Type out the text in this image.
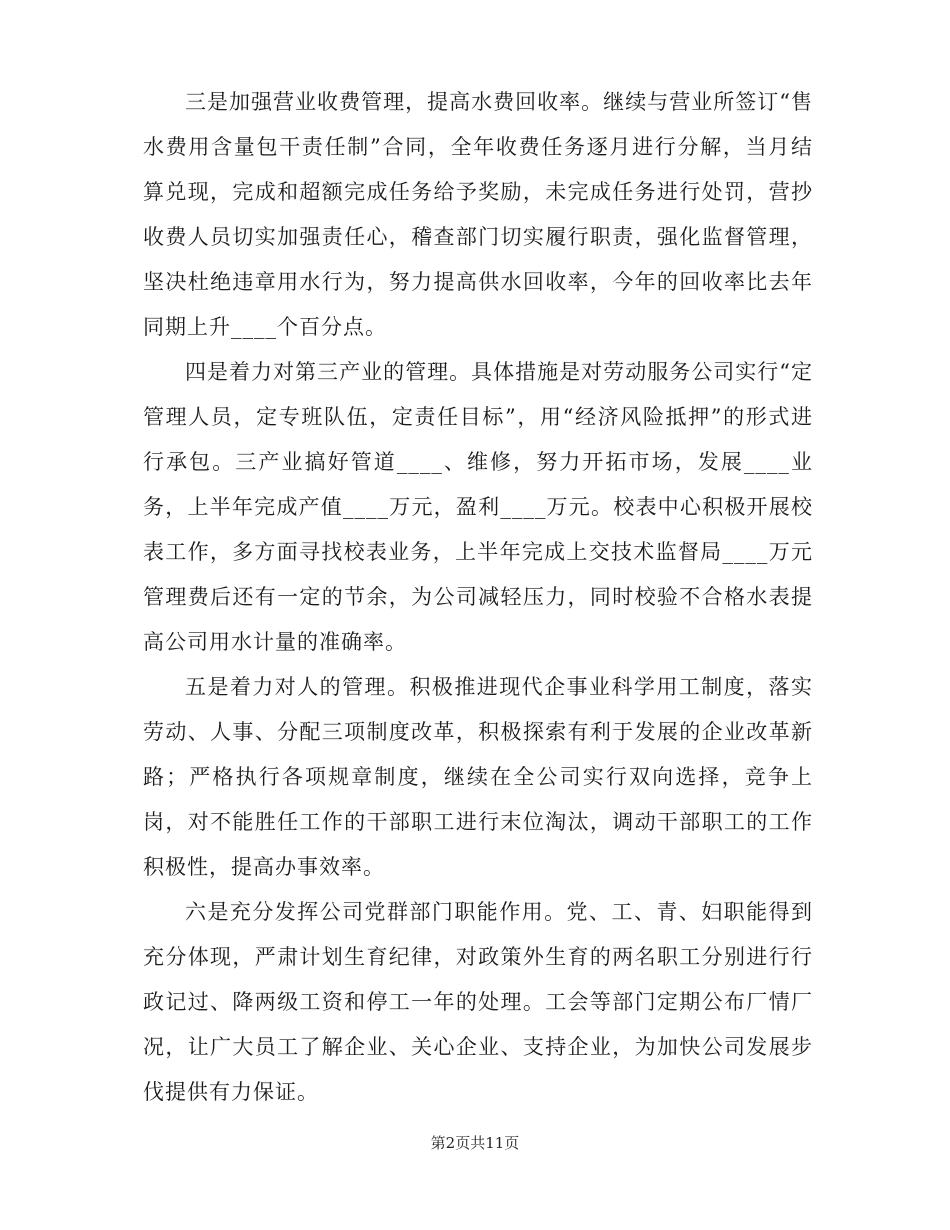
三是加强营业收费管理，提高水费回收率。继续与营业所签订“售水费用含量包干责任制”合同，全年收费任务逐月进行分解，当月结算兑现，完成和超额完成任务给予奖励，未完成任务进行处罚，营抄收费人员切实加强责任心，稽查部门切实履行职责，强化监督管理，坚决杜绝违章用水行为，努力提高供水回收率，今年的回收率比去年同期上升____个百分点。

四是着力对第三产业的管理。具体措施是对劳动服务公司实行“定管理人员，定专班队伍，定责任目标”，用“经济风险抵押”的形式进行承包。三产业搞好管道____、维修，努力开拓市场，发展____业务，上半年完成产值____万元，盈利____万元。校表中心积极开展校表工作，多方面寻找校表业务，上半年完成上交技术监督局____万元管理费后还有一定的节余，为公司减轻压力，同时校验不合格水表提高公司用水计量的准确率。

五是着力对人的管理。积极推进现代企事业科学用工制度，落实劳动、人事、分配三项制度改革，积极探索有利于发展的企业改革新路；严格执行各项规章制度，继续在全公司实行双向选择，竞争上岗，对不能胜任工作的干部职工进行末位淘汰，调动干部职工的工作积极性，提高办事效率。

六是充分发挥公司党群部门职能作用。党、工、青、妇职能得到充分体现，严肃计划生育纪律，对政策外生育的两名职工分别进行行政记过、降两级工资和停工一年的处理。工会等部门定期公布厂情厂况，让广大员工了解企业、关心企业、支持企业，为加快公司发展步伐提供有力保证。

第2页共11页
